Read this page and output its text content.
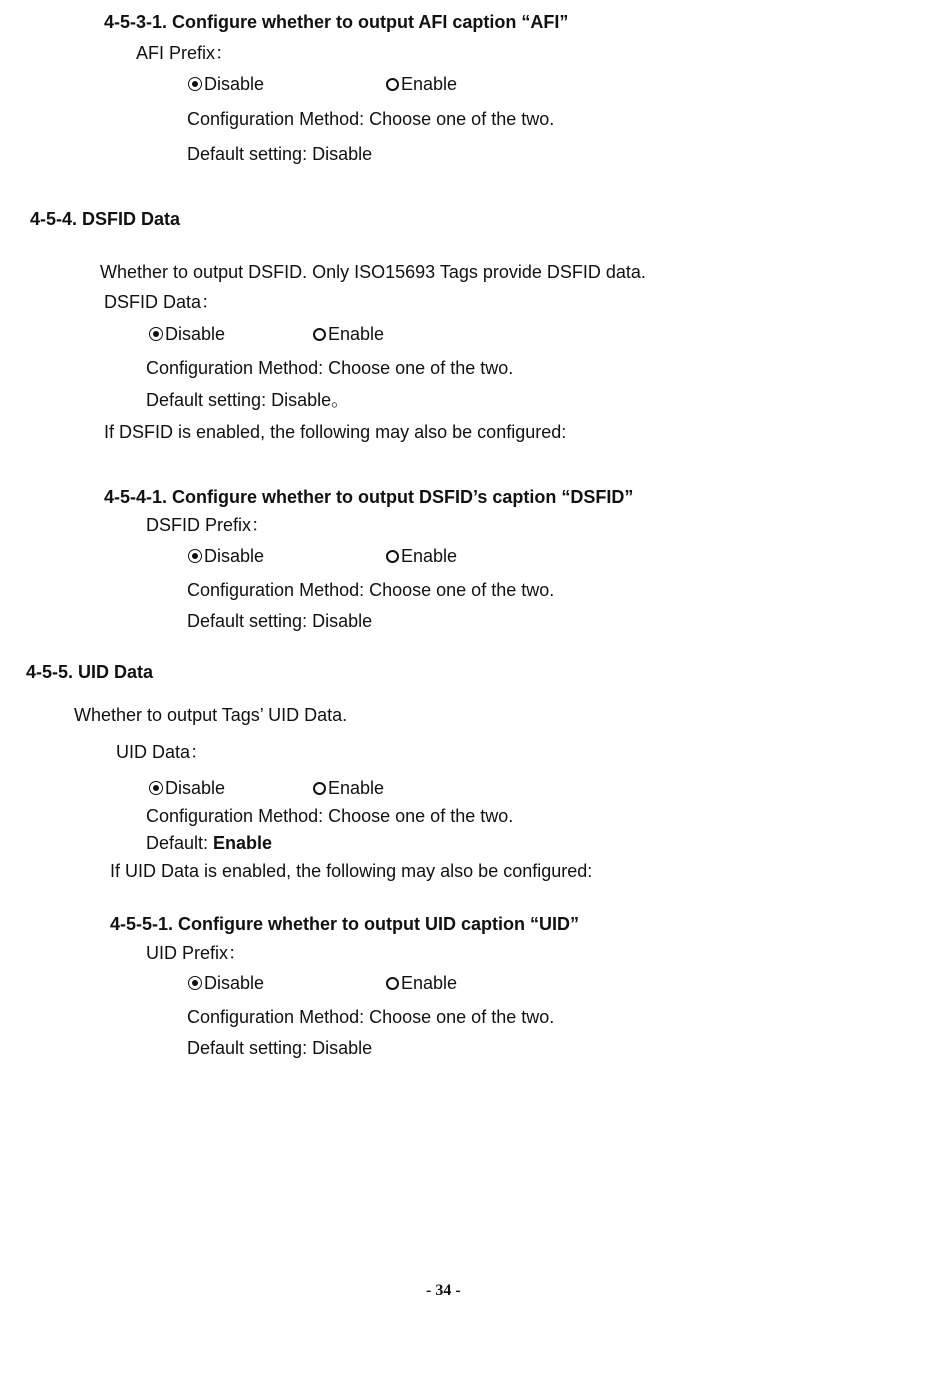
4-5-3-1. Configure whether to output AFI caption “AFI”
AFI Prefix：
Disable	Enable
Configuration Method: Choose one of the two.
Default setting: Disable
4-5-4. DSFID Data
Whether to output DSFID. Only ISO15693 Tags provide DSFID data.
DSFID Data：
Disable	Enable
Configuration Method: Choose one of the two.
Default setting: Disable。
If DSFID is enabled, the following may also be configured:
4-5-4-1. Configure whether to output DSFID’s caption “DSFID”
DSFID Prefix：
Disable	Enable
Configuration Method: Choose one of the two.
Default setting: Disable
4-5-5. UID Data
Whether to output Tags’ UID Data.
UID Data：
Disable	Enable
Configuration Method: Choose one of the two.
Default: Enable
If UID Data is enabled, the following may also be configured:
4-5-5-1. Configure whether to output UID caption “UID”
UID Prefix：
Disable	Enable
Configuration Method: Choose one of the two.
Default setting: Disable
- 34 -
